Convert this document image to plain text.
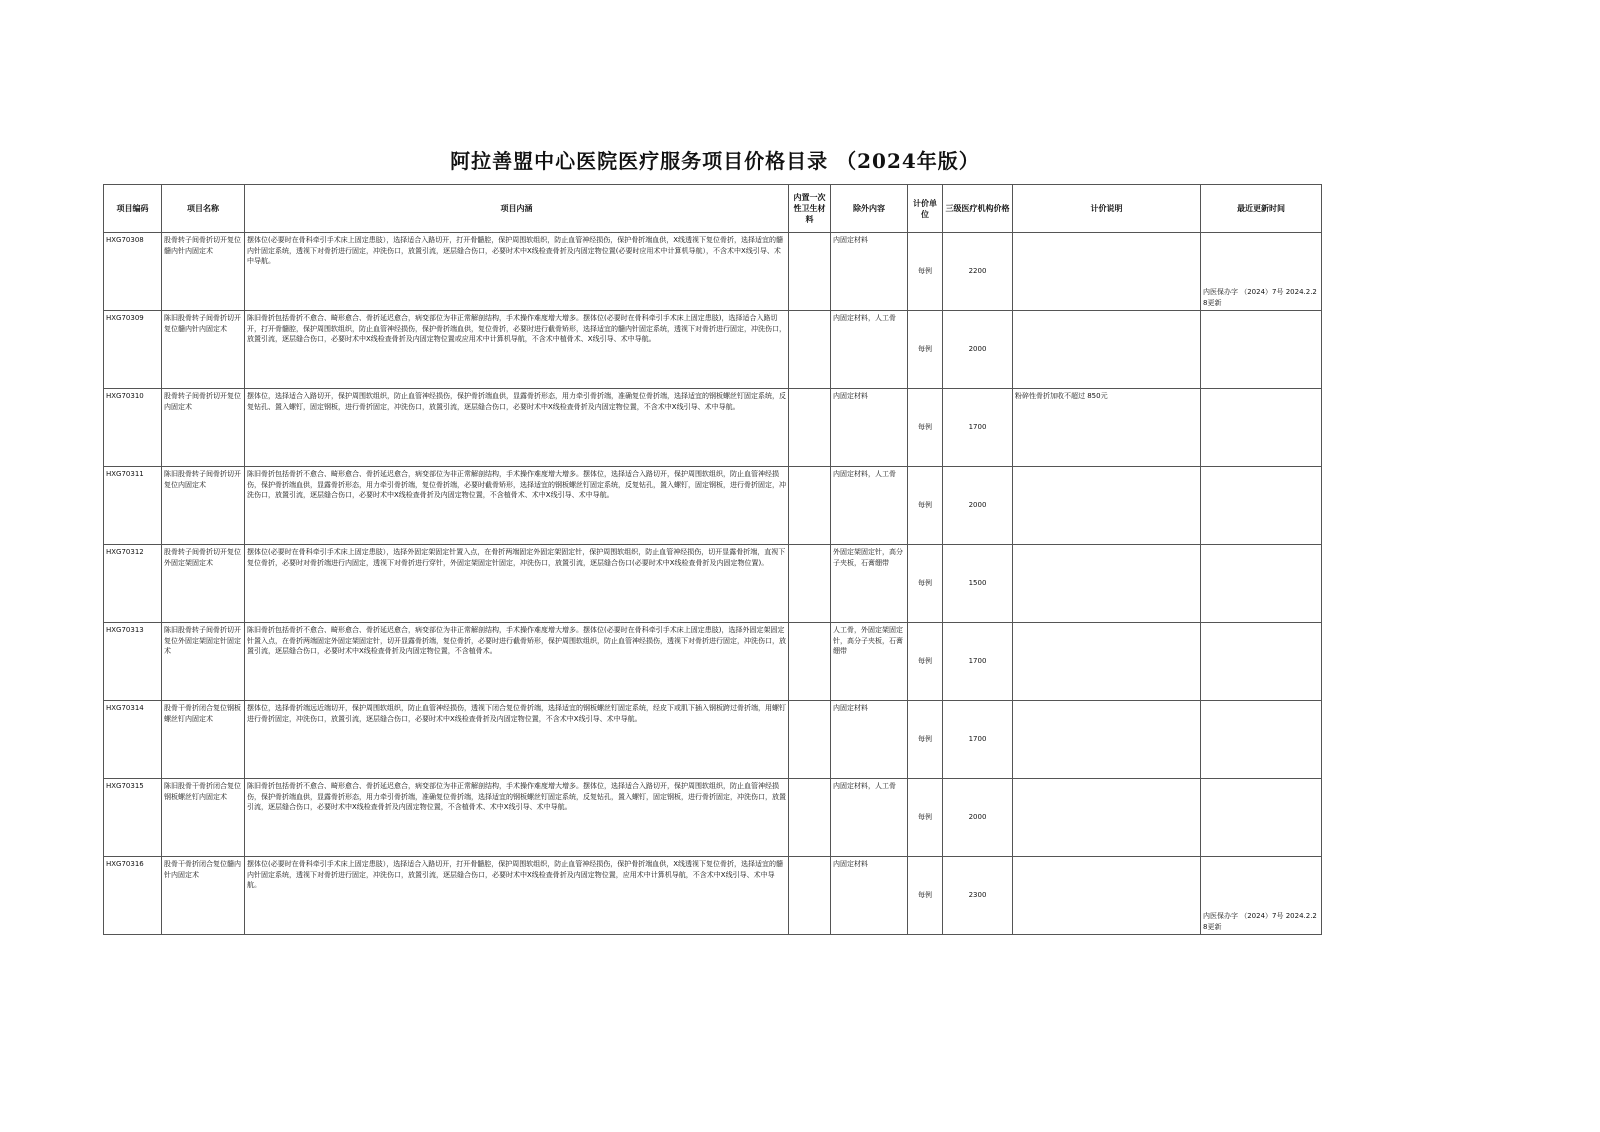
阿拉善盟中心医院医疗服务项目价格目录 （2024年版）
项目编码	项目名称	项目内涵	内置一次性卫生材料	除外内容	计价单位	三级医疗机构价格	计价说明	最近更新时间
HXG70308	股骨转子间骨折切开复位髓内针内固定术	摆体位(必要时在骨科牵引手术床上固定患肢），选择适合入路切开，打开骨髓腔，保护周围软组织，防止血管神经损伤，保护骨折端血供，X线透视下复位骨折，选择适宜的髓内针固定系统，透视下对骨折进行固定，冲洗伤口，放置引流，逐层缝合伤口，必要时术中X线检查骨折及内固定物位置(必要时应用术中计算机导航），不含术中X线引导、术中导航。		内固定材料	每例	2200		内医保办字 （2024）7号 2024.2.28更新
HXG70309	陈旧股骨转子间骨折切开复位髓内针内固定术	陈旧骨折包括骨折不愈合、畸形愈合、骨折延迟愈合，病变部位为非正常解剖结构，手术操作难度增大增多。摆体位(必要时在骨科牵引手术床上固定患肢)，选择适合入路切开，打开骨髓腔，保护周围软组织，防止血管神经损伤，保护骨折端血供，复位骨折，必要时进行截骨矫形，选择适宜的髓内针固定系统，透视下对骨折进行固定，冲洗伤口，放置引流，逐层缝合伤口，必要时术中X线检查骨折及内固定物位置或应用术中计算机导航，不含术中植骨术、X线引导、术中导航。		内固定材料，人工骨	每例	2000		
HXG70310	股骨转子间骨折切开复位内固定术	摆体位，选择适合入路切开，保护周围软组织，防止血管神经损伤，保护骨折端血供，显露骨折形态，用力牵引骨折端，准确复位骨折端，选择适宜的钢板螺丝钉固定系统，反复钻孔、置入螺钉，固定钢板，进行骨折固定，冲洗伤口，放置引流，逐层缝合伤口，必要时术中X线检查骨折及内固定物位置，不含术中X线引导、术中导航。		内固定材料	每例	1700	粉碎性骨折加收不超过 850元	
HXG70311	陈旧股骨转子间骨折切开复位内固定术	陈旧骨折包括骨折不愈合、畸形愈合、骨折延迟愈合，病变部位为非正常解剖结构，手术操作难度增大增多。摆体位，选择适合入路切开，保护周围软组织，防止血管神经损伤，保护骨折端血供，显露骨折形态，用力牵引骨折端，复位骨折端，必要时截骨矫形，选择适宜的钢板螺丝钉固定系统，反复钻孔，置入螺钉，固定钢板，进行骨折固定，冲洗伤口，放置引流，逐层缝合伤口，必要时术中X线检查骨折及内固定物位置，不含植骨术、术中X线引导、术中导航。		内固定材料，人工骨	每例	2000		
HXG70312	股骨转子间骨折切开复位外固定架固定术	摆体位(必要时在骨科牵引手术床上固定患肢），选择外固定架固定针置入点，在骨折两端固定外固定架固定针，保护周围软组织，防止血管神经损伤，切开显露骨折端，直视下复位骨折，必要时对骨折端进行内固定，透视下对骨折进行穿针，外固定架固定针固定，冲洗伤口，放置引流，逐层缝合伤口(必要时术中X线检查骨折及内固定物位置)。		外固定架固定针，高分子夹板，石膏绷带	每例	1500		
HXG70313	陈旧股骨转子间骨折切开复位外固定架固定针固定术	陈旧骨折包括骨折不愈合、畸形愈合、骨折延迟愈合，病变部位为非正常解剖结构，手术操作难度增大增多。摆体位(必要时在骨科牵引手术床上固定患肢)，选择外固定架固定针置入点，在骨折两端固定外固定架固定针，切开显露骨折端，复位骨折，必要时进行截骨矫形，保护周围软组织，防止血管神经损伤，透视下对骨折进行固定，冲洗伤口，放置引流，逐层缝合伤口，必要时术中X线检查骨折及内固定物位置，不含植骨术。		人工骨，外固定架固定针，高分子夹板，石膏绷带	每例	1700		
HXG70314	股骨干骨折闭合复位钢板螺丝钉内固定术	摆体位，选择骨折端远近端切开，保护周围软组织，防止血管神经损伤，透视下闭合复位骨折端，选择适宜的钢板螺丝钉固定系统，经皮下或肌下插入钢板跨过骨折端，用螺钉进行骨折固定，冲洗伤口，放置引流，逐层缝合伤口，必要时术中X线检查骨折及内固定物位置，不含术中X线引导、术中导航。		内固定材料	每例	1700		
HXG70315	陈旧股骨干骨折闭合复位钢板螺丝钉内固定术	陈旧骨折包括骨折不愈合、畸形愈合、骨折延迟愈合，病变部位为非正常解剖结构，手术操作难度增大增多。摆体位，选择适合入路切开，保护周围软组织，防止血管神经损伤，保护骨折端血供，显露骨折形态，用力牵引骨折端，准确复位骨折端，选择适宜的钢板螺丝钉固定系统，反复钻孔，置入螺钉，固定钢板，进行骨折固定，冲洗伤口，放置引流，逐层缝合伤口，必要时术中X线检查骨折及内固定物位置，不含植骨术、术中X线引导、术中导航。		内固定材料，人工骨	每例	2000		
HXG70316	股骨干骨折闭合复位髓内针内固定术	摆体位(必要时在骨科牵引手术床上固定患肢），选择适合入路切开，打开骨髓腔，保护周围软组织，防止血管神经损伤，保护骨折端血供，X线透视下复位骨折，选择适宜的髓内针固定系统，透视下对骨折进行固定，冲洗伤口，放置引流，逐层缝合伤口，必要时术中X线检查骨折及内固定物位置，应用术中计算机导航，不含术中X线引导、术中导航。		内固定材料	每例	2300		内医保办字 （2024）7号 2024.2.28更新
